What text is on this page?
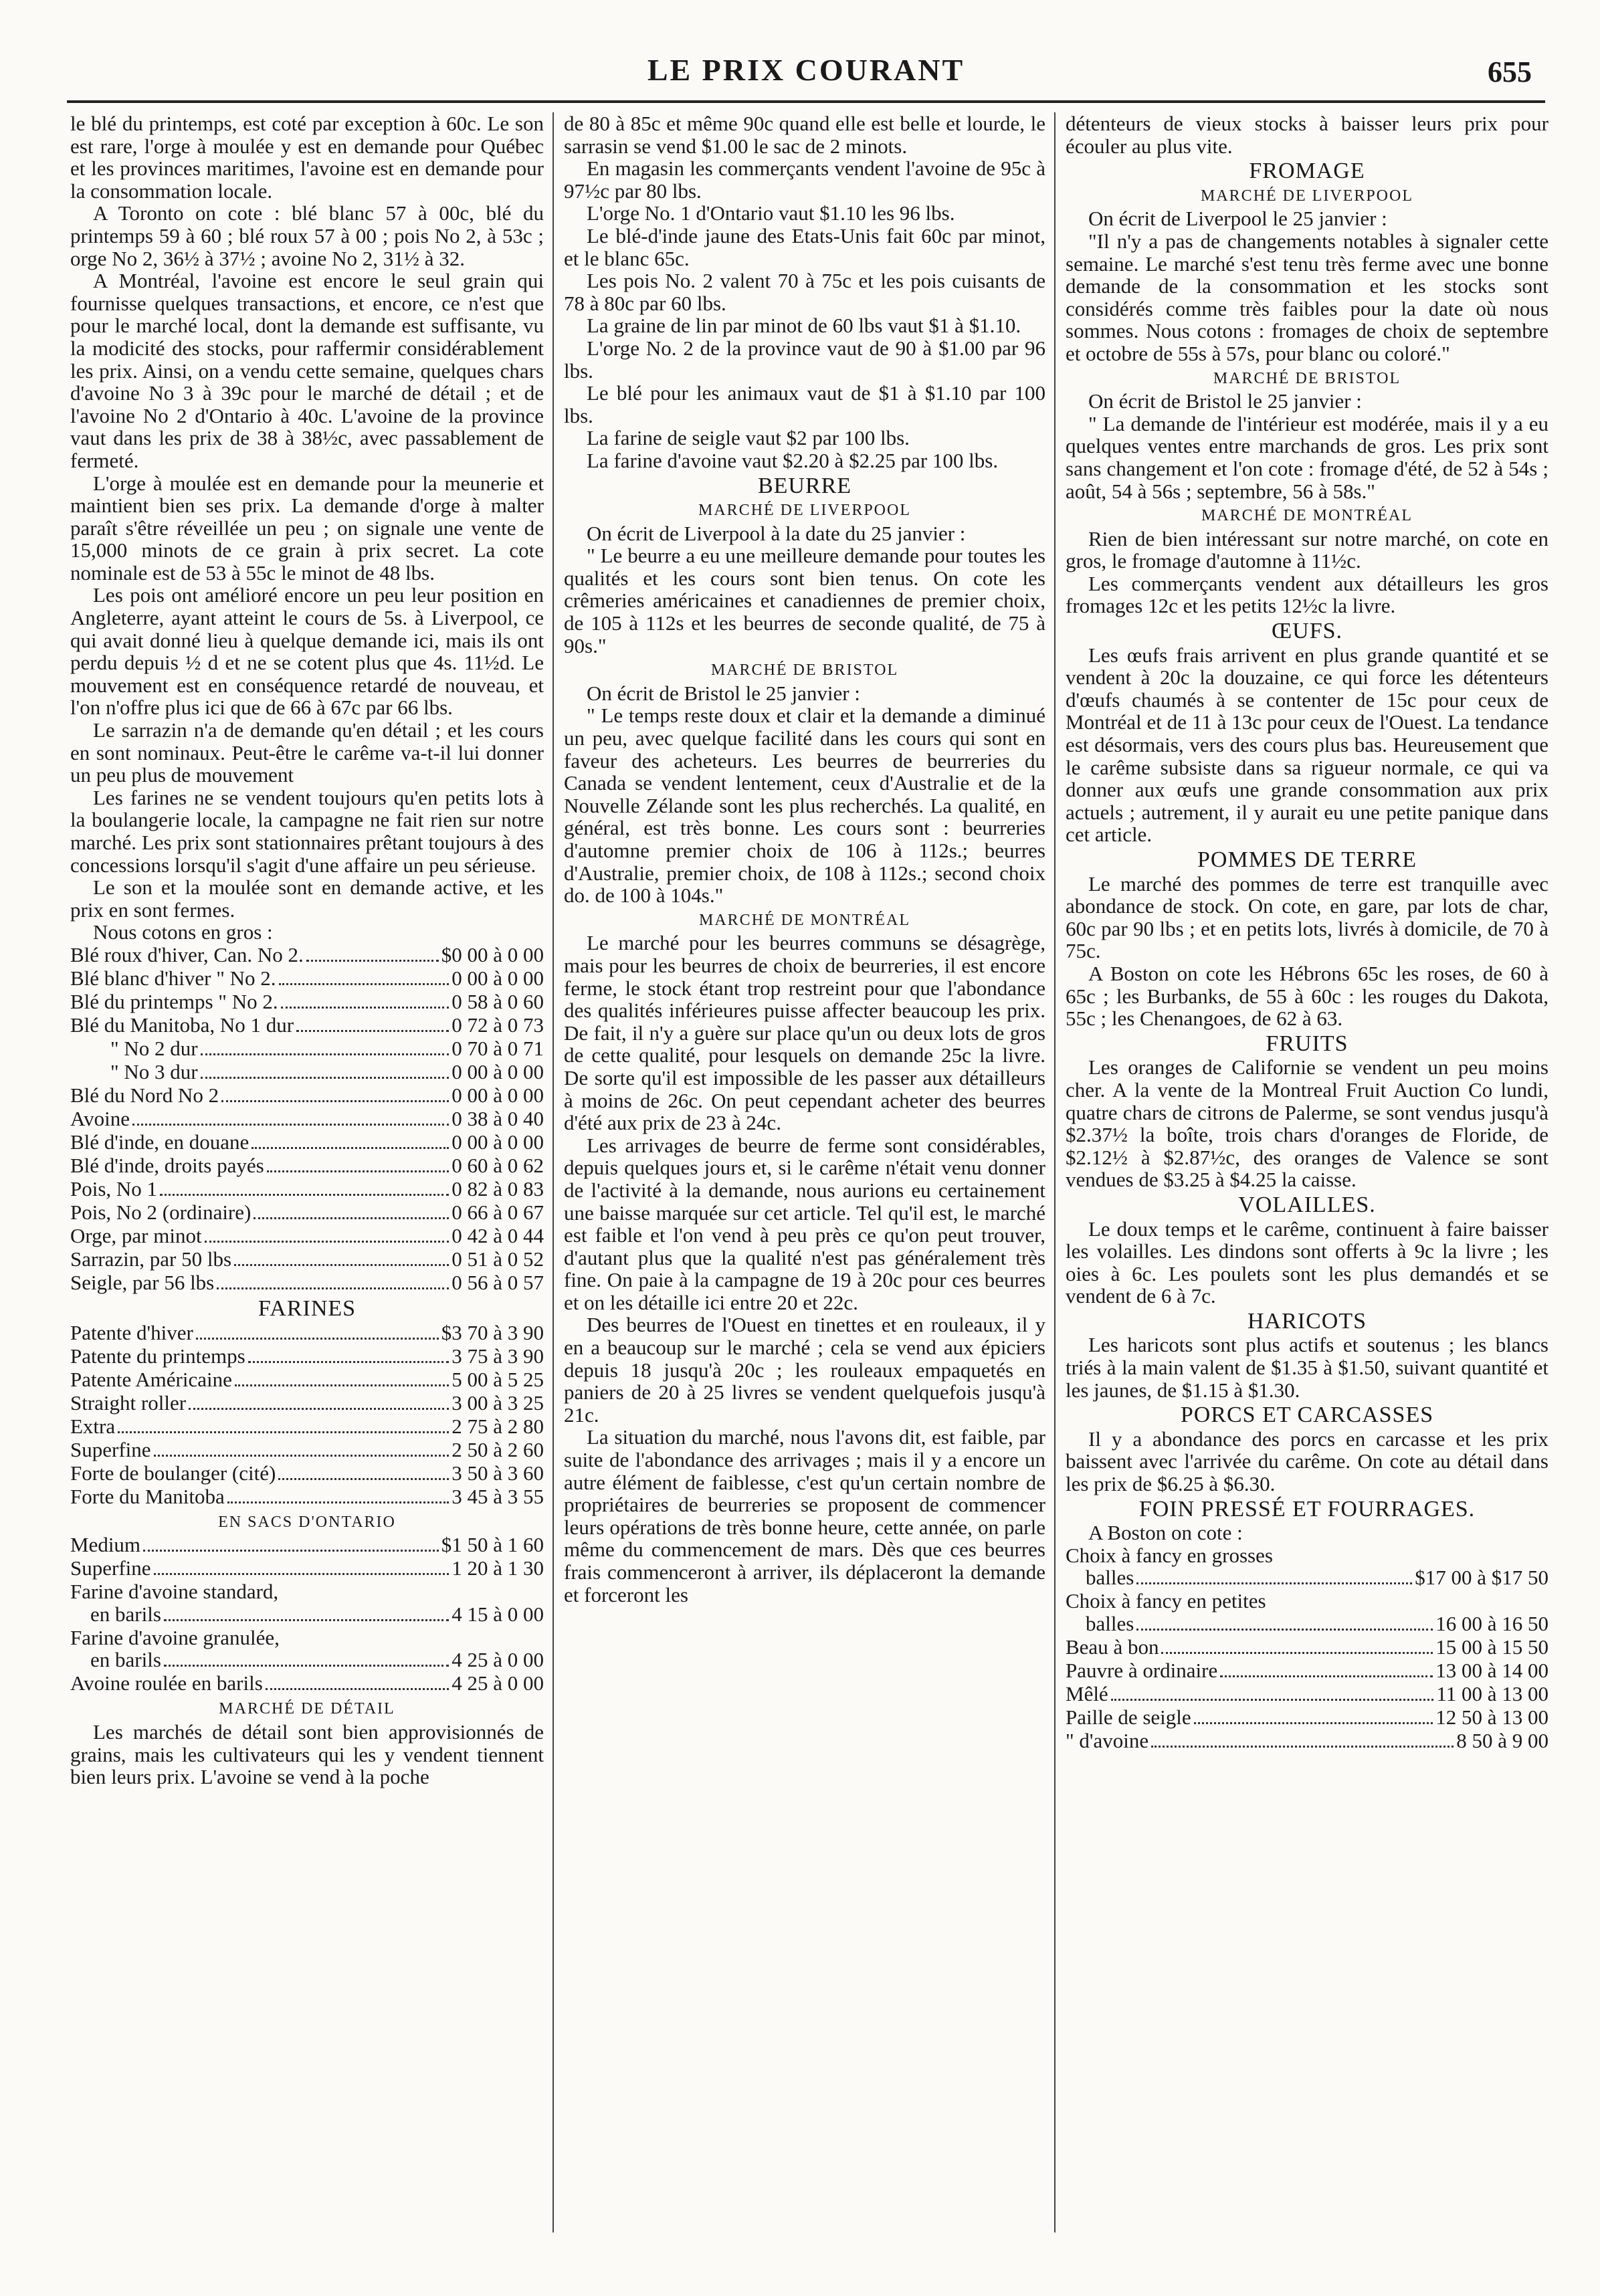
LE PRIX COURANT	655

le blé du printemps, est coté par exception à 60c. Le son est rare, l'orge à moulée y est en demande pour Québec et les provinces maritimes, l'avoine est en demande pour la consommation locale.

A Toronto on cote : blé blanc 57 à 00c, blé du printemps 59 à 60 ; blé roux 57 à 00 ; pois No 2, à 53c ; orge No 2, 36½ à 37½ ; avoine No 2, 31½ à 32.

A Montréal, l'avoine est encore le seul grain qui fournisse quelques transactions, et encore, ce n'est que pour le marché local, dont la demande est suffisante, vu la modicité des stocks, pour raffermir considérablement les prix. Ainsi, on a vendu cette semaine, quelques chars d'avoine No 3 à 39c pour le marché de détail ; et de l'avoine No 2 d'Ontario à 40c. L'avoine de la province vaut dans les prix de 38 à 38½c, avec passablement de fermeté.

L'orge à moulée est en demande pour la meunerie et maintient bien ses prix. La demande d'orge à malter paraît s'être réveillée un peu ; on signale une vente de 15,000 minots de ce grain à prix secret. La cote nominale est de 53 à 55c le minot de 48 lbs.

Les pois ont amélioré encore un peu leur position en Angleterre, ayant atteint le cours de 5s. à Liverpool, ce qui avait donné lieu à quelque demande ici, mais ils ont perdu depuis ½ d et ne se cotent plus que 4s. 11½d. Le mouvement est en conséquence retardé de nouveau, et l'on n'offre plus ici que de 66 à 67c par 66 lbs.

Le sarrazin n'a de demande qu'en détail ; et les cours en sont nominaux. Peut-être le carême va-t-il lui donner un peu plus de mouvement

Les farines ne se vendent toujours qu'en petits lots à la boulangerie locale, la campagne ne fait rien sur notre marché. Les prix sont stationnaires prêtant toujours à des concessions lorsqu'il s'agit d'une affaire un peu sérieuse.

Le son et la moulée sont en demande active, et les prix en sont fermes.

Nous cotons en gros :

Blé roux d'hiver, Can. No 2.	$0 00 à 0 00
Blé blanc d'hiver " No 2.	0 00 à 0 00
Blé du printemps " No 2.	0 58 à 0 60
Blé du Manitoba, No 1 dur	0 72 à 0 73
" No 2 dur	0 70 à 0 71
" No 3 dur	0 00 à 0 00
Blé du Nord No 2	0 00 à 0 00
Avoine	0 38 à 0 40
Blé d'inde, en douane	0 00 à 0 00
Blé d'inde, droits payés	0 60 à 0 62
Pois, No 1	0 82 à 0 83
Pois, No 2 (ordinaire)	0 66 à 0 67
Orge, par minot	0 42 à 0 44
Sarrazin, par 50 lbs	0 51 à 0 52
Seigle, par 56 lbs	0 56 à 0 57
FARINES
Patente d'hiver	$3 70 à 3 90
Patente du printemps	3 75 à 3 90
Patente Américaine	5 00 à 5 25
Straight roller	3 00 à 3 25
Extra	2 75 à 2 80
Superfine	2 50 à 2 60
Forte de boulanger (cité)	3 50 à 3 60
Forte du Manitoba	3 45 à 3 55
EN SACS D'ONTARIO
Medium	$1 50 à 1 60
Superfine	1 20 à 1 30
Farine d'avoine standard,
en barils	4 15 à 0 00
Farine d'avoine granulée,
en barils	4 25 à 0 00
Avoine roulée en barils	4 25 à 0 00
MARCHÉ DE DÉTAIL

Les marchés de détail sont bien approvisionnés de grains, mais les cultivateurs qui les y vendent tiennent bien leurs prix. L'avoine se vend à la poche

de 80 à 85c et même 90c quand elle est belle et lourde, le sarrasin se vend $1.00 le sac de 2 minots.

En magasin les commerçants vendent l'avoine de 95c à 97½c par 80 lbs.

L'orge No. 1 d'Ontario vaut $1.10 les 96 lbs.

Le blé-d'inde jaune des Etats-Unis fait 60c par minot, et le blanc 65c.

Les pois No. 2 valent 70 à 75c et les pois cuisants de 78 à 80c par 60 lbs.

La graine de lin par minot de 60 lbs vaut $1 à $1.10.

L'orge No. 2 de la province vaut de 90 à $1.00 par 96 lbs.

Le blé pour les animaux vaut de $1 à $1.10 par 100 lbs.

La farine de seigle vaut $2 par 100 lbs.

La farine d'avoine vaut $2.20 à $2.25 par 100 lbs.

BEURRE
MARCHÉ DE LIVERPOOL

On écrit de Liverpool à la date du 25 janvier :

" Le beurre a eu une meilleure demande pour toutes les qualités et les cours sont bien tenus. On cote les crêmeries américaines et canadiennes de premier choix, de 105 à 112s et les beurres de seconde qualité, de 75 à 90s."

MARCHÉ DE BRISTOL

On écrit de Bristol le 25 janvier :

" Le temps reste doux et clair et la demande a diminué un peu, avec quelque facilité dans les cours qui sont en faveur des acheteurs. Les beurres de beurreries du Canada se vendent lentement, ceux d'Australie et de la Nouvelle Zélande sont les plus recherchés. La qualité, en général, est très bonne. Les cours sont : beurreries d'automne premier choix de 106 à 112s.; beurres d'Australie, premier choix, de 108 à 112s.; second choix do. de 100 à 104s."

MARCHÉ DE MONTRÉAL

Le marché pour les beurres communs se désagrège, mais pour les beurres de choix de beurreries, il est encore ferme, le stock étant trop restreint pour que l'abondance des qualités inférieures puisse affecter beaucoup les prix. De fait, il n'y a guère sur place qu'un ou deux lots de gros de cette qualité, pour lesquels on demande 25c la livre. De sorte qu'il est impossible de les passer aux détailleurs à moins de 26c. On peut cependant acheter des beurres d'été aux prix de 23 à 24c.

Les arrivages de beurre de ferme sont considérables, depuis quelques jours et, si le carême n'était venu donner de l'activité à la demande, nous aurions eu certainement une baisse marquée sur cet article. Tel qu'il est, le marché est faible et l'on vend à peu près ce qu'on peut trouver, d'autant plus que la qualité n'est pas généralement très fine. On paie à la campagne de 19 à 20c pour ces beurres et on les détaille ici entre 20 et 22c.

Des beurres de l'Ouest en tinettes et en rouleaux, il y en a beaucoup sur le marché ; cela se vend aux épiciers depuis 18 jusqu'à 20c ; les rouleaux empaquetés en paniers de 20 à 25 livres se vendent quelquefois jusqu'à 21c.

La situation du marché, nous l'avons dit, est faible, par suite de l'abondance des arrivages ; mais il y a encore un autre élément de faiblesse, c'est qu'un certain nombre de propriétaires de beurreries se proposent de commencer leurs opérations de très bonne heure, cette année, on parle même du commencement de mars. Dès que ces beurres frais commenceront à arriver, ils déplaceront la demande et forceront les

détenteurs de vieux stocks à baisser leurs prix pour écouler au plus vite.

FROMAGE
MARCHÉ DE LIVERPOOL

On écrit de Liverpool le 25 janvier :

"Il n'y a pas de changements notables à signaler cette semaine. Le marché s'est tenu très ferme avec une bonne demande de la consommation et les stocks sont considérés comme très faibles pour la date où nous sommes. Nous cotons : fromages de choix de septembre et octobre de 55s à 57s, pour blanc ou coloré."

MARCHÉ DE BRISTOL

On écrit de Bristol le 25 janvier :

" La demande de l'intérieur est modérée, mais il y a eu quelques ventes entre marchands de gros. Les prix sont sans changement et l'on cote : fromage d'été, de 52 à 54s ; août, 54 à 56s ; septembre, 56 à 58s."

MARCHÉ DE MONTRÉAL

Rien de bien intéressant sur notre marché, on cote en gros, le fromage d'automne à 11½c.

Les commerçants vendent aux détailleurs les gros fromages 12c et les petits 12½c la livre.

ŒUFS.

Les œufs frais arrivent en plus grande quantité et se vendent à 20c la douzaine, ce qui force les détenteurs d'œufs chaumés à se contenter de 15c pour ceux de Montréal et de 11 à 13c pour ceux de l'Ouest. La tendance est désormais, vers des cours plus bas. Heureusement que le carême subsiste dans sa rigueur normale, ce qui va donner aux œufs une grande consommation aux prix actuels ; autrement, il y aurait eu une petite panique dans cet article.

POMMES DE TERRE

Le marché des pommes de terre est tranquille avec abondance de stock. On cote, en gare, par lots de char, 60c par 90 lbs ; et en petits lots, livrés à domicile, de 70 à 75c.

A Boston on cote les Hébrons 65c les roses, de 60 à 65c ; les Burbanks, de 55 à 60c : les rouges du Dakota, 55c ; les Chenangoes, de 62 à 63.

FRUITS

Les oranges de Californie se vendent un peu moins cher. A la vente de la Montreal Fruit Auction Co lundi, quatre chars de citrons de Palerme, se sont vendus jusqu'à $2.37½ la boîte, trois chars d'oranges de Floride, de $2.12½ à $2.87½c, des oranges de Valence se sont vendues de $3.25 à $4.25 la caisse.

VOLAILLES.

Le doux temps et le carême, continuent à faire baisser les volailles. Les dindons sont offerts à 9c la livre ; les oies à 6c. Les poulets sont les plus demandés et se vendent de 6 à 7c.

HARICOTS

Les haricots sont plus actifs et soutenus ; les blancs triés à la main valent de $1.35 à $1.50, suivant quantité et les jaunes, de $1.15 à $1.30.

PORCS ET CARCASSES

Il y a abondance des porcs en carcasse et les prix baissent avec l'arrivée du carême. On cote au détail dans les prix de $6.25 à $6.30.

FOIN PRESSÉ ET FOURRAGES.

A Boston on cote :

Choix à fancy en grosses
balles	$17 00 à $17 50
Choix à fancy en petites
balles	16 00 à 16 50
Beau à bon	15 00 à 15 50
Pauvre à ordinaire	13 00 à 14 00
Mêlé	11 00 à 13 00
Paille de seigle	12 50 à 13 00
" d'avoine	8 50 à 9 00
